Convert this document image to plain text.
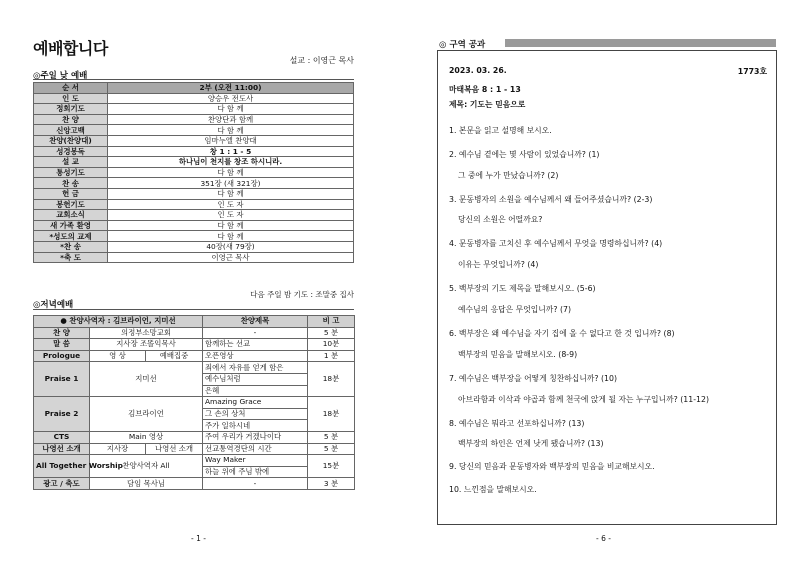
예배합니다
설교 : 이영근 목사
◎주일 낮 예배
순 서	2부 (오전 11:00)
인 도	양승우 전도사
정회기도	다 함 께
찬 양	찬양단과 함께
신앙고백	다 함 께
찬양(찬양대)	임마누엘 찬양대
성경봉독	창 1 : 1 - 5
설 교	하나님이 천지를 창조 하시니라.
통성기도	다 함 께
찬 송	351장 (새 321장)
헌 금	다 함 께
봉헌기도	인 도 자
교회소식	인 도 자
새 가족 환영	다 함 께
*성도의 교제	다 함 께
*찬 송	40장(새 79장)
*축 도	이영근 목사
다음 주일 밤 기도 : 조말중 집사
◎저녁예배
● 찬양사역자 : 김브라이언, 지미선			찬양제목	비 고
찬 양	의정부소망교회		-	5 분
말 씀	지사장 조똘익목사		함께하는 선교	10분
Prologue	영 상	예배집중	오픈영상	1 분
Praise 1	지미선		죄에서 자유를 얻게 함은	18분
			예수님처럼	
			은혜	
Praise 2	김브라이언		Amazing Grace	18분
			그 손의 상처	
			주가 일하시네	
CTS	Main 영상		주여 우리가 거겠나이다	5 분
나영선 소개	지사장	나영선 소개	선교통역경단의 시간	5 분
All Together Worship	찬양사역자 All		Way Maker	15분
			하늘 위에 주님 밖에	
광고 / 축도	담임 목사님		-	3 분
- 1 -
◎ 구역 공과
2023. 03. 26.	1773호
마태복음 8 : 1 - 13
제목: 기도는 믿음으로
1. 본문을 읽고 설명해 보시오.
2. 예수님 곁에는 몇 사람이 있었습니까? (1)
그 중에 누가 만났습니까? (2)
3. 문동병자의 소원을 예수님께서 왜 들어주셨습니까? (2-3)
당신의 소원은 어떨까요?
4. 문동병자를 고치신 후 예수님께서 무엇을 명령하십니까? (4)
이유는 무엇입니까? (4)
5. 백부장의 기도 제목을 말해보시오. (5-6)
예수님의 응답은 무엇입니까? (7)
6. 백부장은 왜 예수님을 자기 집에 올 수 없다고 한 것 입니까? (8)
백부장의 믿음을 말해보시오. (8-9)
7. 예수님은 백부장을 어떻게 칭찬하십니까? (10)
아브라함과 이삭과 야곱과 함께 천국에 앉게 될 자는 누구입니까? (11-12)
8. 예수님은 뭐라고 선포하십니까? (13)
백부장의 하인은 언제 낫게 됐습니까? (13)
9. 당신의 믿음과 문동병자와 백부장의 믿음을 비교해보시오.
10. 느낀점을 말해보시오.
- 6 -
